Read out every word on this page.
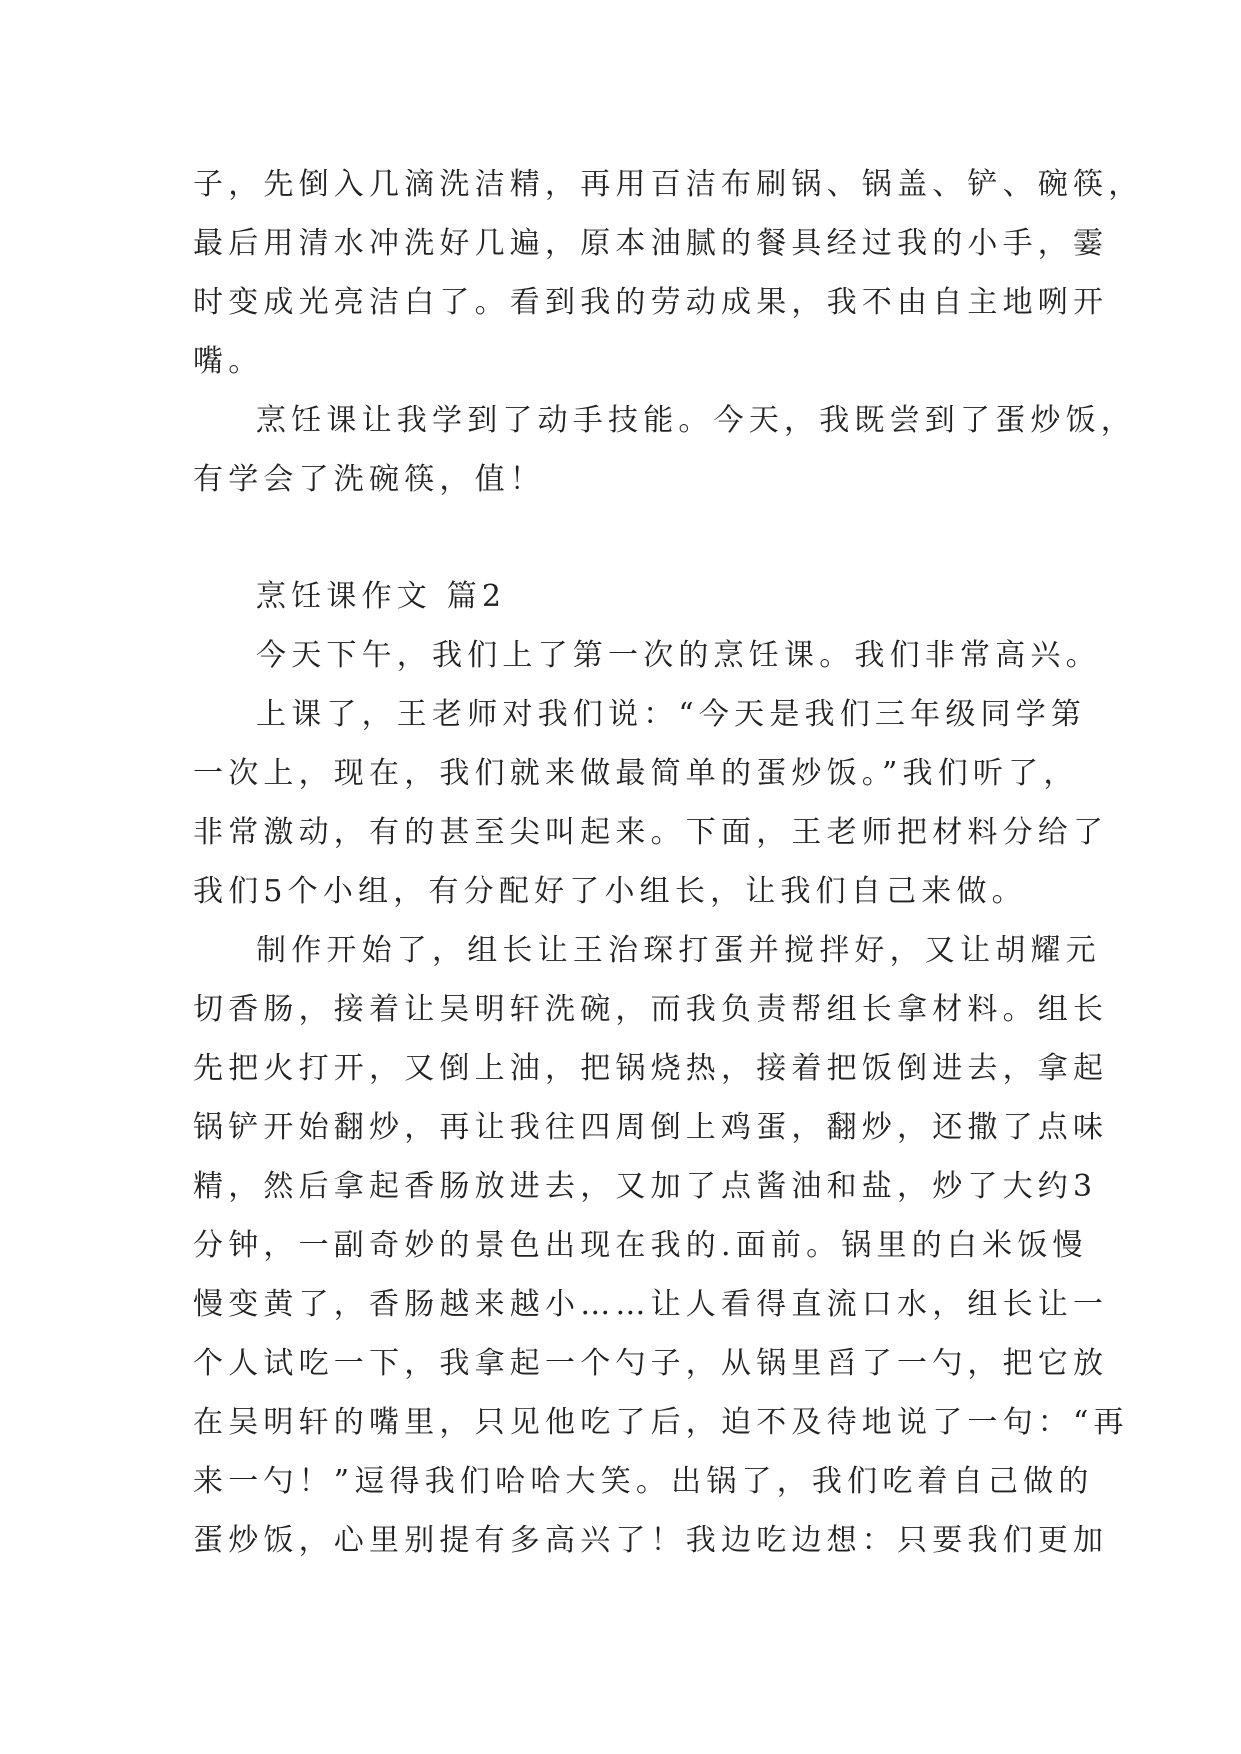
子，先倒入几滴洗洁精，再用百洁布刷锅、锅盖、铲、碗筷，
最后用清水冲洗好几遍，原本油腻的餐具经过我的小手，霎
时变成光亮洁白了。看到我的劳动成果，我不由自主地咧开
嘴。
烹饪课让我学到了动手技能。今天，我既尝到了蛋炒饭，
有学会了洗碗筷，值！
烹饪课作文 篇2
今天下午，我们上了第一次的烹饪课。我们非常高兴。
上课了，王老师对我们说：“今天是我们三年级同学第
一次上，现在，我们就来做最简单的蛋炒饭。”我们听了，
非常激动，有的甚至尖叫起来。下面，王老师把材料分给了
我们5个小组，有分配好了小组长，让我们自己来做。
制作开始了，组长让王治琛打蛋并搅拌好，又让胡耀元
切香肠，接着让吴明轩洗碗，而我负责帮组长拿材料。组长
先把火打开，又倒上油，把锅烧热，接着把饭倒进去，拿起
锅铲开始翻炒，再让我往四周倒上鸡蛋，翻炒，还撒了点味
精，然后拿起香肠放进去，又加了点酱油和盐，炒了大约3
分钟，一副奇妙的景色出现在我的.面前。锅里的白米饭慢
慢变黄了，香肠越来越小……让人看得直流口水，组长让一
个人试吃一下，我拿起一个勺子，从锅里舀了一勺，把它放
在吴明轩的嘴里，只见他吃了后，迫不及待地说了一句：“再
来一勺！”逗得我们哈哈大笑。出锅了，我们吃着自己做的
蛋炒饭，心里别提有多高兴了！我边吃边想：只要我们更加
